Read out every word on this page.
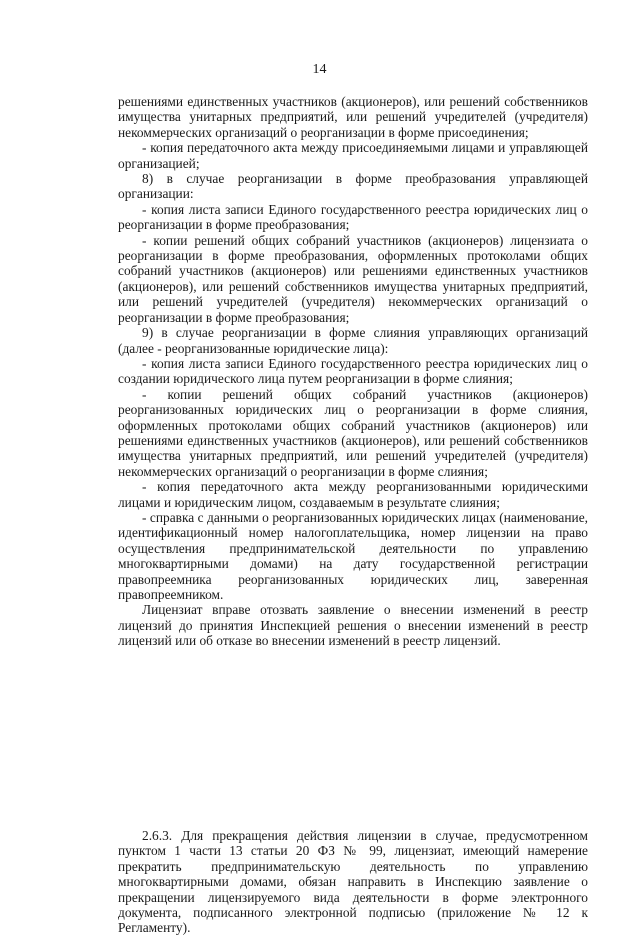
14

решениями единственных участников (акционеров), или решений собственников имущества унитарных предприятий, или решений учредителей (учредителя) некоммерческих организаций о реорганизации в форме присоединения;

- копия передаточного акта между присоединяемыми лицами и управляющей организацией;

8) в случае реорганизации в форме преобразования управляющей организации:

- копия листа записи Единого государственного реестра юридических лиц о реорганизации в форме преобразования;

- копии решений общих собраний участников (акционеров) лицензиата о реорганизации в форме преобразования, оформленных протоколами общих собраний участников (акционеров) или решениями единственных участников (акционеров), или решений собственников имущества унитарных предприятий, или решений учредителей (учредителя) некоммерческих организаций о реорганизации в форме преобразования;

9) в случае реорганизации в форме слияния управляющих организаций (далее - реорганизованные юридические лица):

- копия листа записи Единого государственного реестра юридических лиц о создании юридического лица путем реорганизации в форме слияния;

- копии решений общих собраний участников (акционеров) реорганизованных юридических лиц о реорганизации в форме слияния, оформленных протоколами общих собраний участников (акционеров) или решениями единственных участников (акционеров), или решений собственников имущества унитарных предприятий, или решений учредителей (учредителя) некоммерческих организаций о реорганизации в форме слияния;

- копия передаточного акта между реорганизованными юридическими лицами и юридическим лицом, создаваемым в результате слияния;

- справка с данными о реорганизованных юридических лицах (наименование, идентификационный номер налогоплательщика, номер лицензии на право осуществления предпринимательской деятельности по управлению многоквартирными домами) на дату государственной регистрации правопреемника реорганизованных юридических лиц, заверенная правопреемником.

Лицензиат вправе отозвать заявление о внесении изменений в реестр лицензий до принятия Инспекцией решения о внесении изменений в реестр лицензий или об отказе во внесении изменений в реестр лицензий.

2.6.3. Для прекращения действия лицензии в случае, предусмотренном пунктом 1 части 13 статьи 20 ФЗ № 99, лицензиат, имеющий намерение прекратить предпринимательскую деятельность по управлению многоквартирными домами, обязан направить в Инспекцию заявление о прекращении лицензируемого вида деятельности в форме электронного документа, подписанного электронной подписью (приложение № 12 к Регламенту).
